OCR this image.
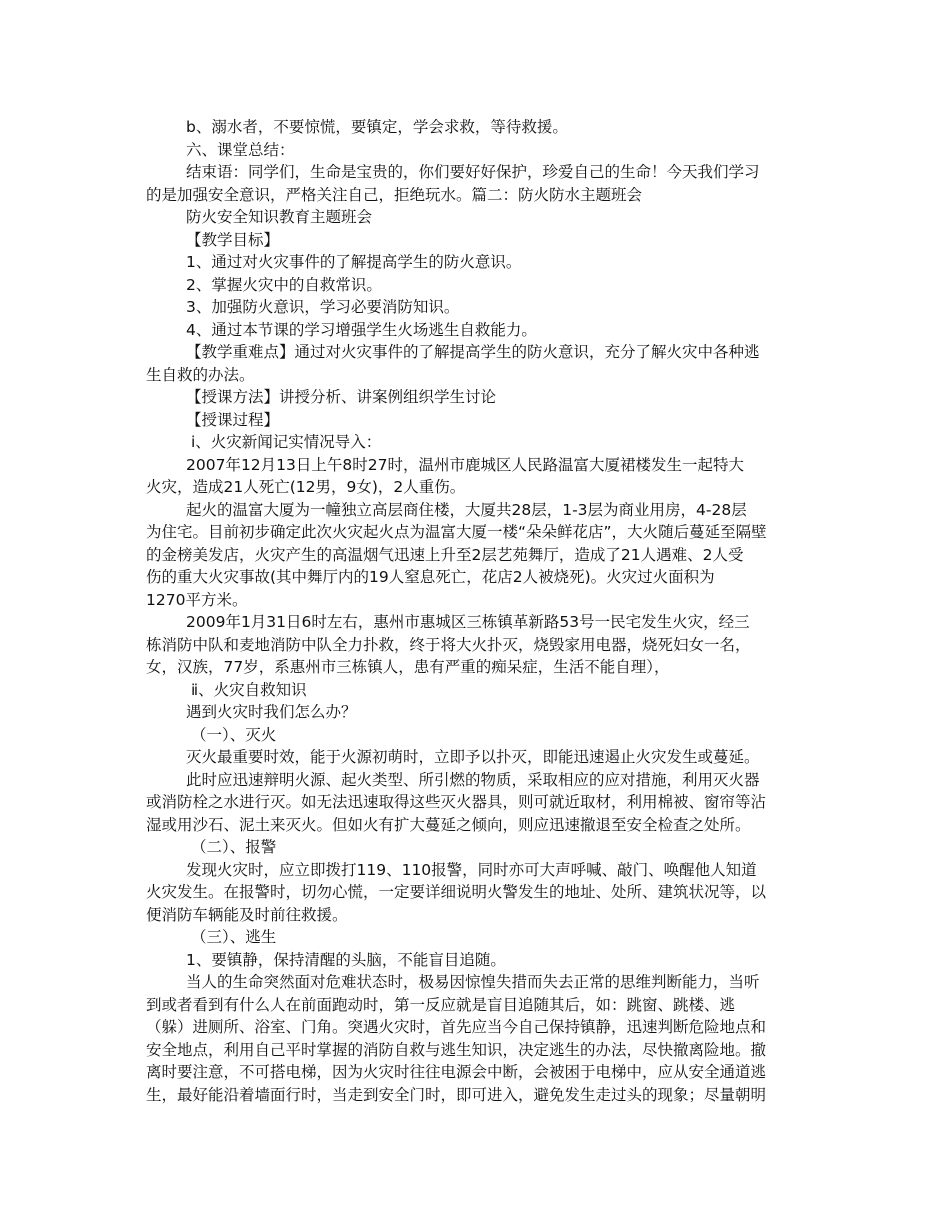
b、溺水者，不要惊慌，要镇定，学会求救，等待救援。
六、课堂总结：
结束语：同学们，生命是宝贵的，你们要好好保护，珍爱自己的生命！今天我们学习
的是加强安全意识，严格关注自己，拒绝玩水。篇二：防火防水主题班会
防火安全知识教育主题班会
【教学目标】
1、通过对火灾事件的了解提高学生的防火意识。
2、掌握火灾中的自救常识。
3、加强防火意识，学习必要消防知识。
4、通过本节课的学习增强学生火场逃生自救能力。
【教学重难点】通过对火灾事件的了解提高学生的防火意识，充分了解火灾中各种逃
生自救的办法。
【授课方法】讲授分析、讲案例组织学生讨论
【授课过程】
ⅰ、火灾新闻记实情况导入：
2007年12月13日上午8时27时，温州市鹿城区人民路温富大厦裙楼发生一起特大
火灾，造成21人死亡(12男，9女)，2人重伤。
起火的温富大厦为一幢独立高层商住楼，大厦共28层，1-3层为商业用房，4-28层
为住宅。目前初步确定此次火灾起火点为温富大厦一楼“朵朵鲜花店”，大火随后蔓延至隔壁
的金榜美发店，火灾产生的高温烟气迅速上升至2层艺苑舞厅，造成了21人遇难、2人受
伤的重大火灾事故(其中舞厅内的19人窒息死亡，花店2人被烧死)。火灾过火面积为
1270平方米。
2009年1月31日6时左右，惠州市惠城区三栋镇革新路53号一民宅发生火灾，经三
栋消防中队和麦地消防中队全力扑救，终于将大火扑灭，烧毁家用电器，烧死妇女一名，
女，汉族，77岁，系惠州市三栋镇人，患有严重的痴呆症，生活不能自理），
ⅱ、火灾自救知识
遇到火灾时我们怎么办？
（一）、灭火
灭火最重要时效，能于火源初萌时，立即予以扑灭，即能迅速遏止火灾发生或蔓延。
此时应迅速辩明火源、起火类型、所引燃的物质，采取相应的应对措施，利用灭火器
或消防栓之水进行灭。如无法迅速取得这些灭火器具，则可就近取材，利用棉被、窗帘等沾
湿或用沙石、泥土来灭火。但如火有扩大蔓延之倾向，则应迅速撤退至安全检查之处所。
（二）、报警
发现火灾时，应立即拨打119、110报警，同时亦可大声呼喊、敲门、唤醒他人知道
火灾发生。在报警时，切勿心慌，一定要详细说明火警发生的地址、处所、建筑状况等，以
便消防车辆能及时前往救援。
（三）、逃生
1、要镇静，保持清醒的头脑，不能盲目追随。
当人的生命突然面对危难状态时，极易因惊惶失措而失去正常的思维判断能力，当听
到或者看到有什么人在前面跑动时，第一反应就是盲目追随其后，如：跳窗、跳楼、逃
（躲）进厕所、浴室、门角。突遇火灾时，首先应当今自己保持镇静，迅速判断危险地点和
安全地点，利用自己平时掌握的消防自救与逃生知识，决定逃生的办法，尽快撤离险地。撤
离时要注意，不可搭电梯，因为火灾时往往电源会中断，会被困于电梯中，应从安全通道逃
生，最好能沿着墙面行时，当走到安全门时，即可进入，避免发生走过头的现象；尽量朝明
